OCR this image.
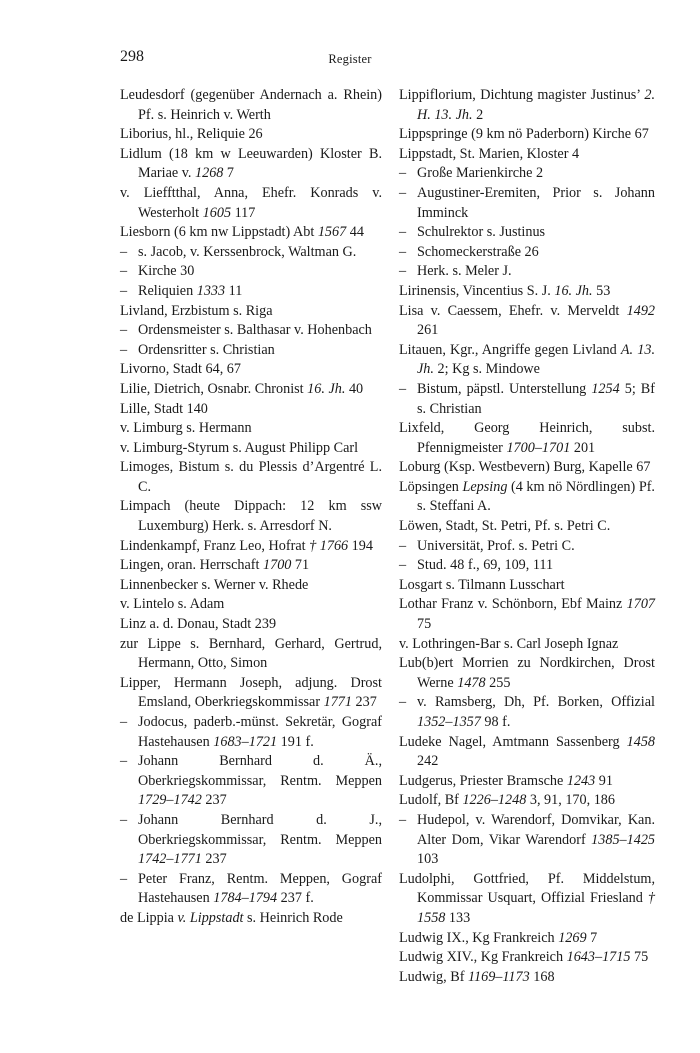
298	Register
Leudesdorf (gegenüber Andernach a. Rhein) Pf. s. Heinrich v. Werth
Liborius, hl., Reliquie 26
Lidlum (18 km w Leeuwarden) Kloster B. Mariae v. 1268 7
v. Liefftthal, Anna, Ehefr. Konrads v. Westerholt 1605 117
Liesborn (6 km nw Lippstadt) Abt 1567 44
– s. Jacob, v. Kerssenbrock, Waltman G.
– Kirche 30
– Reliquien 1333 11
Livland, Erzbistum s. Riga
– Ordensmeister s. Balthasar v. Hohenbach
– Ordensritter s. Christian
Livorno, Stadt 64, 67
Lilie, Dietrich, Osnabr. Chronist 16. Jh. 40
Lille, Stadt 140
v. Limburg s. Hermann
v. Limburg-Styrum s. August Philipp Carl
Limoges, Bistum s. du Plessis d’Argentré L. C.
Limpach (heute Dippach: 12 km ssw Luxemburg) Herk. s. Arresdorf N.
Lindenkampf, Franz Leo, Hofrat † 1766 194
Lingen, oran. Herrschaft 1700 71
Linnenbecker s. Werner v. Rhede
v. Lintelo s. Adam
Linz a. d. Donau, Stadt 239
zur Lippe s. Bernhard, Gerhard, Gertrud, Hermann, Otto, Simon
Lipper, Hermann Joseph, adjung. Drost Emsland, Oberkriegskommissar 1771 237
– Jodocus, paderb.-münst. Sekretär, Gograf Hastehausen 1683–1721 191 f.
– Johann Bernhard d. Ä., Oberkriegskommissar, Rentm. Meppen 1729–1742 237
– Johann Bernhard d. J., Oberkriegskommissar, Rentm. Meppen 1742–1771 237
– Peter Franz, Rentm. Meppen, Gograf Hastehausen 1784–1794 237 f.
de Lippia v. Lippstadt s. Heinrich Rode
Lippiflorium, Dichtung magister Justinus’ 2. H. 13. Jh. 2
Lippspringe (9 km nö Paderborn) Kirche 67
Lippstadt, St. Marien, Kloster 4
– Große Marienkirche 2
– Augustiner-Eremiten, Prior s. Johann Imminck
– Schulrektor s. Justinus
– Schomeckerstraße 26
– Herk. s. Meler J.
Lirinensis, Vincentius S. J. 16. Jh. 53
Lisa v. Caessem, Ehefr. v. Merveldt 1492 261
Litauen, Kgr., Angriffe gegen Livland A. 13. Jh. 2; Kg s. Mindowe
– Bistum, päpstl. Unterstellung 1254 5; Bf s. Christian
Lixfeld, Georg Heinrich, subst. Pfennigmeister 1700–1701 201
Loburg (Ksp. Westbevern) Burg, Kapelle 67
Löpsingen Lepsing (4 km nö Nördlingen) Pf. s. Steffani A.
Löwen, Stadt, St. Petri, Pf. s. Petri C.
– Universität, Prof. s. Petri C.
– Stud. 48 f., 69, 109, 111
Losgart s. Tilmann Lusschart
Lothar Franz v. Schönborn, Ebf Mainz 1707 75
v. Lothringen-Bar s. Carl Joseph Ignaz
Lub(b)ert Morrien zu Nordkirchen, Drost Werne 1478 255
– v. Ramsberg, Dh, Pf. Borken, Offizial 1352–1357 98 f.
Ludeke Nagel, Amtmann Sassenberg 1458 242
Ludgerus, Priester Bramsche 1243 91
Ludolf, Bf 1226–1248 3, 91, 170, 186
– Hudepol, v. Warendorf, Domvikar, Kan. Alter Dom, Vikar Warendorf 1385–1425 103
Ludolphi, Gottfried, Pf. Middelstum, Kommissar Usquart, Offizial Friesland † 1558 133
Ludwig IX., Kg Frankreich 1269 7
Ludwig XIV., Kg Frankreich 1643–1715 75
Ludwig, Bf 1169–1173 168
